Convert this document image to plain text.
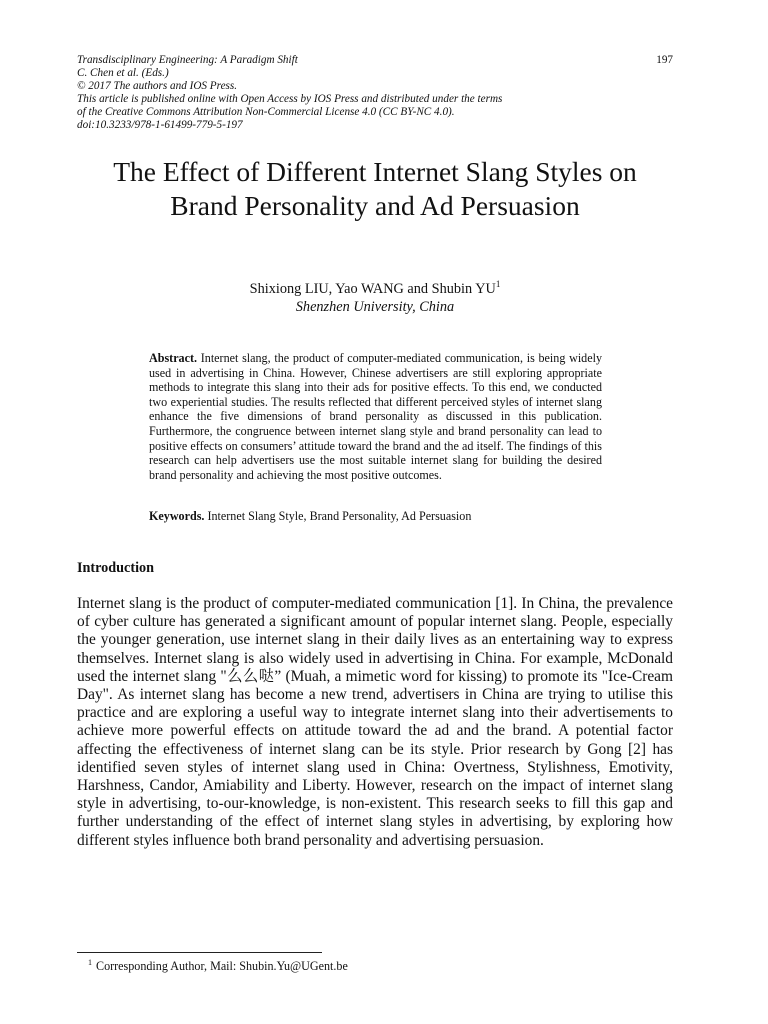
Transdisciplinary Engineering: A Paradigm Shift
C. Chen et al. (Eds.)
© 2017 The authors and IOS Press.
This article is published online with Open Access by IOS Press and distributed under the terms
of the Creative Commons Attribution Non-Commercial License 4.0 (CC BY-NC 4.0).
doi:10.3233/978-1-61499-779-5-197
197
The Effect of Different Internet Slang Styles on Brand Personality and Ad Persuasion
Shixiong LIU, Yao WANG and Shubin $YU^1$
Shenzhen University, China
Abstract. Internet slang, the product of computer-mediated communication, is being widely used in advertising in China. However, Chinese advertisers are still exploring appropriate methods to integrate this slang into their ads for positive effects. To this end, we conducted two experiential studies. The results reflected that different perceived styles of internet slang enhance the five dimensions of brand personality as discussed in this publication. Furthermore, the congruence between internet slang style and brand personality can lead to positive effects on consumers’ attitude toward the brand and the ad itself. The findings of this research can help advertisers use the most suitable internet slang for building the desired brand personality and achieving the most positive outcomes.
Keywords. Internet Slang Style, Brand Personality, Ad Persuasion
Introduction

Internet slang is the product of computer-mediated communication [1]. In China, the prevalence of cyber culture has generated a significant amount of popular internet slang. People, especially the younger generation, use internet slang in their daily lives as an entertaining way to express themselves. Internet slang is also widely used in advertising in China. For example, McDonald used the internet slang "么么哒” (Muah, a mimetic word for kissing) to promote its "Ice-Cream Day". As internet slang has become a new trend, advertisers in China are trying to utilise this practice and are exploring a useful way to integrate internet slang into their advertisements to achieve more powerful effects on attitude toward the ad and the brand. A potential factor affecting the effectiveness of internet slang can be its style. Prior research by Gong [2] has identified seven styles of internet slang used in China: Overtness, Stylishness, Emotivity, Harshness, Candor, Amiability and Liberty. However, research on the impact of internet slang style in advertising, to-our-knowledge, is non-existent. This research seeks to fill this gap and further understanding of the effect of internet slang styles in advertising, by exploring how different styles influence both brand personality and advertising persuasion.

$^1$ Corresponding Author, Mail: Shubin.Yu@UGent.be
